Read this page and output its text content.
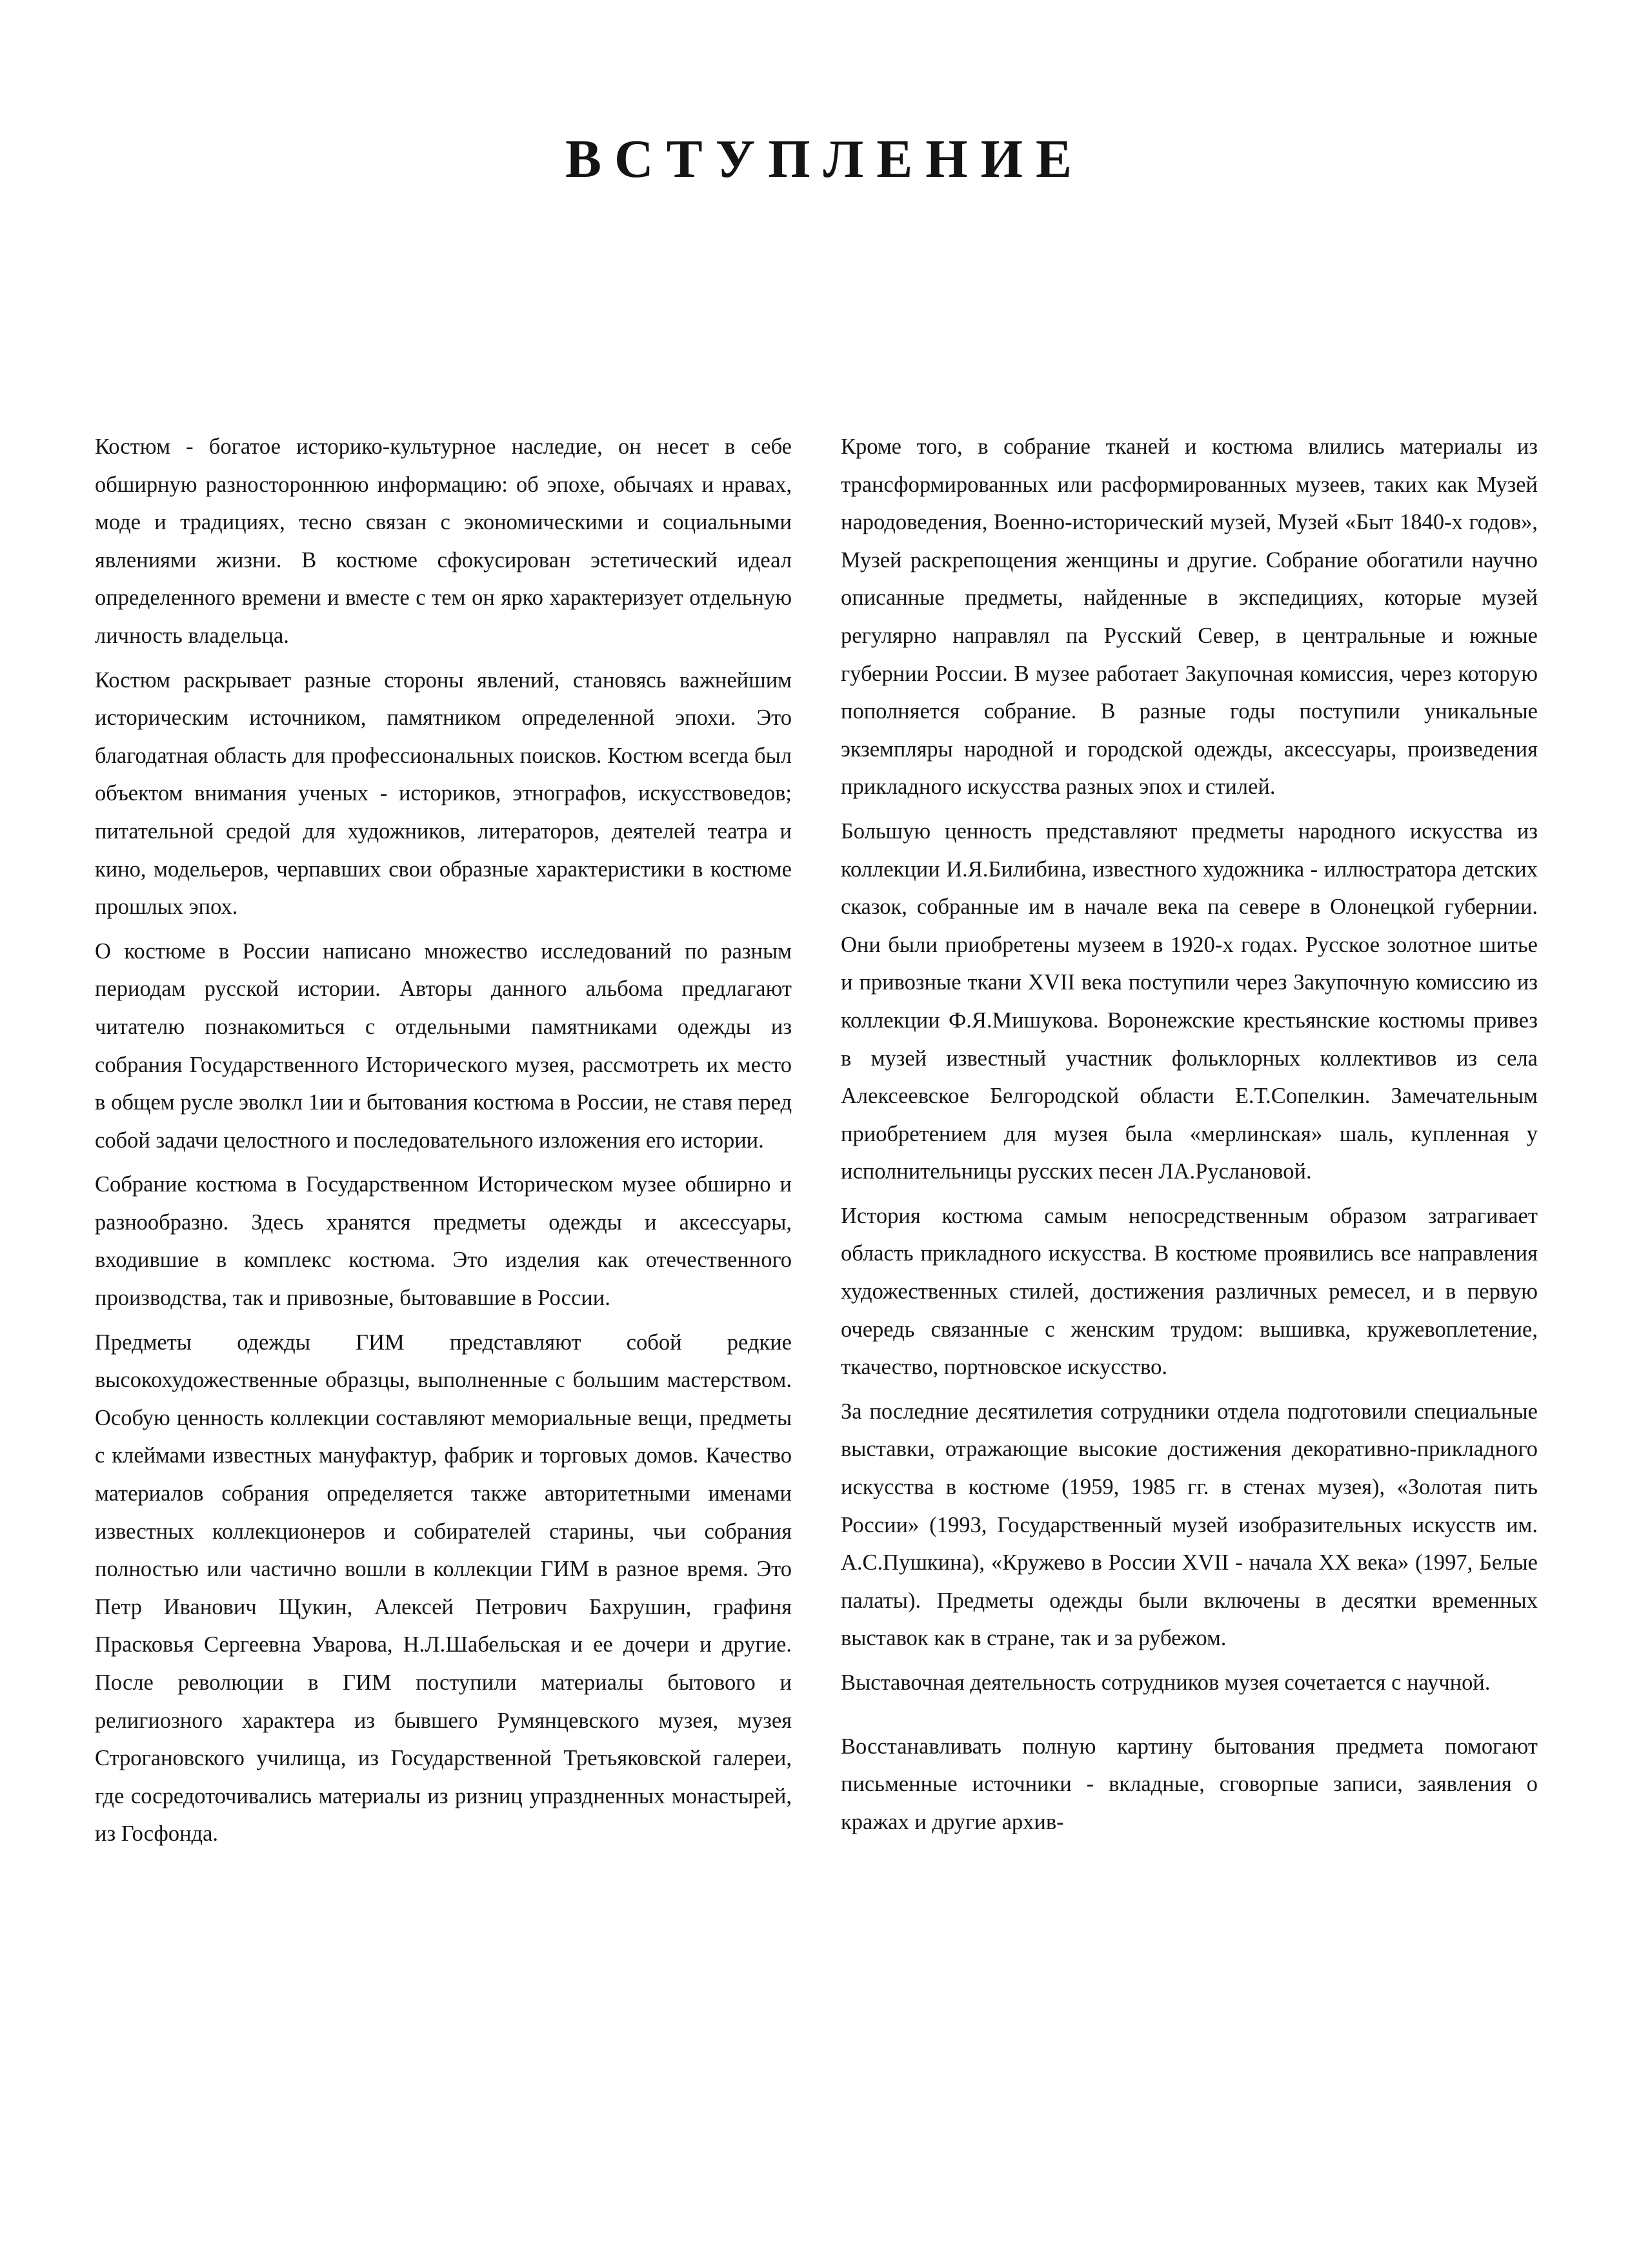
ВСТУПЛЕНИЕ

Костюм - богатое историко-культурное наследие, он несет в себе обширную разностороннюю информацию: об эпохе, обычаях и нравах, моде и традициях, тесно связан с экономическими и социальными явлениями жизни. В костюме сфокусирован эстетический идеал определенного времени и вместе с тем он ярко характеризует отдельную личность владельца.

Костюм раскрывает разные стороны явлений, становясь важнейшим историческим источником, памятником определенной эпохи. Это благодатная область для профессиональных поисков. Костюм всегда был объектом внимания ученых - историков, этнографов, искусствоведов; питательной средой для художников, литераторов, деятелей театра и кино, модельеров, черпавших свои образные характеристики в костюме прошлых эпох.

О костюме в России написано множество исследований по разным периодам русской истории. Авторы данного альбома предлагают читателю познакомиться с отдельными памятниками одежды из собрания Государственного Исторического музея, рассмотреть их место в общем русле эволкл 1ии и бытования костюма в России, не ставя перед собой задачи целостного и последовательного изложения его истории.

Собрание костюма в Государственном Историческом музее обширно и разнообразно. Здесь хранятся предметы одежды и аксессуары, входившие в комплекс костюма. Это изделия как отечественного производства, так и привозные, бытовавшие в России.

Предметы одежды ГИМ представляют собой редкие высокохудожественные образцы, выполненные с большим мастерством. Особую ценность коллекции составляют мемориальные вещи, предметы с клеймами известных мануфактур, фабрик и торговых домов. Качество материалов собрания определяется также авторитетными именами известных коллекционеров и собирателей старины, чьи собрания полностью или частично вошли в коллекции ГИМ в разное время. Это Петр Иванович Щукин, Алексей Петрович Бахрушин, графиня Прасковья Сергеевна Уварова, Н.Л.Шабельская и ее дочери и другие. После революции в ГИМ поступили материалы бытового и религиозного характера из бывшего Румянцевского музея, музея Строгановского училища, из Государственной Третьяковской галереи, где сосредоточивались материалы из ризниц упраздненных монастырей, из Госфонда.

Кроме того, в собрание тканей и костюма влились материалы из трансформированных или расформированных музеев, таких как Музей народоведения, Военно-исторический музей, Музей «Быт 1840-х годов», Музей раскрепощения женщины и другие. Собрание обогатили научно описанные предметы, найденные в экспедициях, которые музей регулярно направлял па Русский Север, в центральные и южные губернии России. В музее работает Закупочная комиссия, через которую пополняется собрание. В разные годы поступили уникальные экземпляры народной и городской одежды, аксессуары, произведения прикладного искусства разных эпох и стилей.

Большую ценность представляют предметы народного искусства из коллекции И.Я.Билибина, известного художника - иллюстратора детских сказок, собранные им в начале века па севере в Олонецкой губернии. Они были приобретены музеем в 1920-х годах. Русское золотное шитье и привозные ткани XVII века поступили через Закупочную комиссию из коллекции Ф.Я.Мишукова. Воронежские крестьянские костюмы привез в музей известный участник фольклорных коллективов из села Алексеевское Белгородской области Е.Т.Сопелкин. Замечательным приобретением для музея была «мерлинская» шаль, купленная у исполнительницы русских песен ЛА.Руслановой.

История костюма самым непосредственным образом затрагивает область прикладного искусства. В костюме проявились все направления художественных стилей, достижения различных ремесел, и в первую очередь связанные с женским трудом: вышивка, кружевоплетение, ткачество, портновское искусство.

За последние десятилетия сотрудники отдела подготовили специальные выставки, отражающие высокие достижения декоративно-прикладного искусства в костюме (1959, 1985 гг. в стенах музея), «Золотая пить России» (1993, Государственный музей изобразительных искусств им. А.С.Пушкина), «Кружево в России XVII - начала XX века» (1997, Белые палаты). Предметы одежды были включены в десятки временных выставок как в стране, так и за рубежом.

Выставочная деятельность сотрудников музея сочетается с научной.

Восстанавливать полную картину бытования предмета помогают письменные источники - вкладные, сговорпые записи, заявления о кражах и другие архив-
